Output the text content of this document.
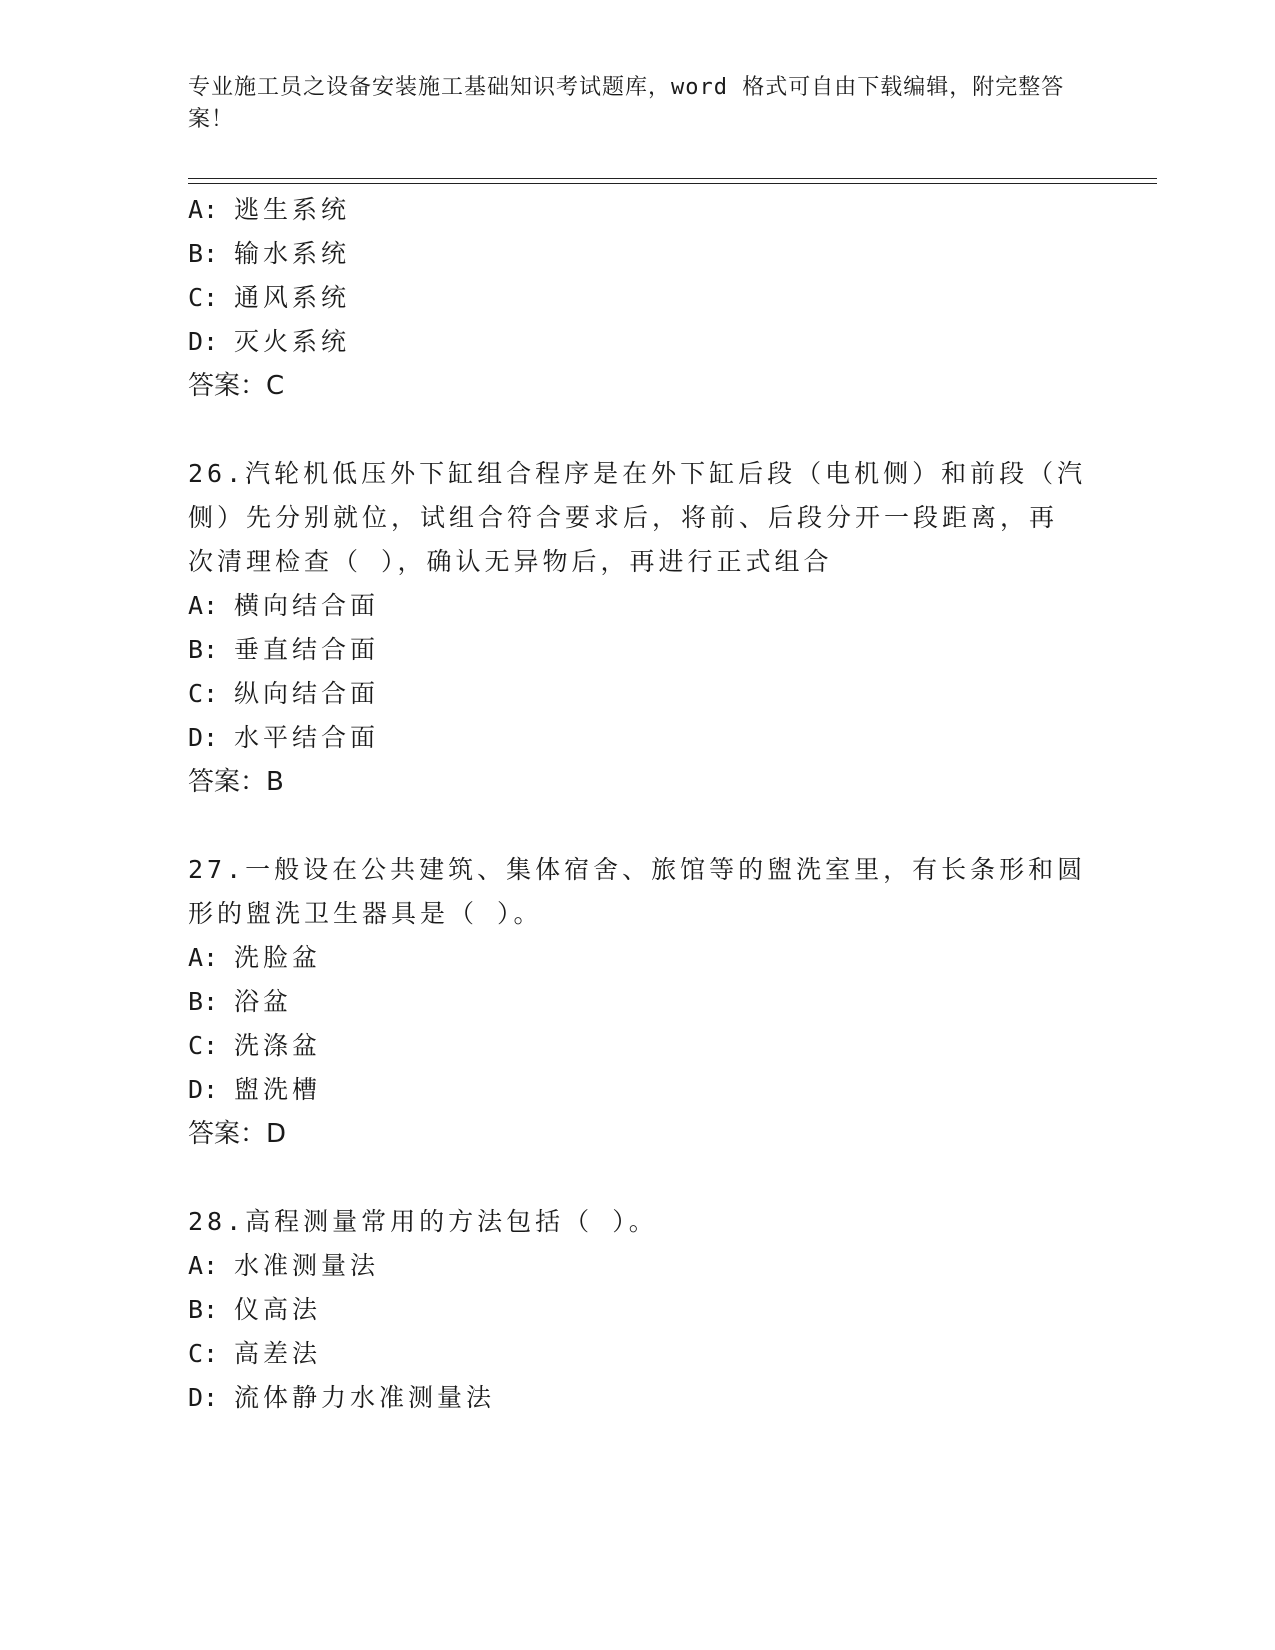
专业施工员之设备安装施工基础知识考试题库，word 格式可自由下载编辑，附完整答案！
A: 逃生系统
B: 输水系统
C: 通风系统
D: 灭火系统
答案：C
26.汽轮机低压外下缸组合程序是在外下缸后段（电机侧）和前段（汽
侧）先分别就位，试组合符合要求后，将前、后段分开一段距离，再
次清理检查（ ），确认无异物后，再进行正式组合
A: 横向结合面
B: 垂直结合面
C: 纵向结合面
D: 水平结合面
答案：B
27.一般设在公共建筑、集体宿舍、旅馆等的盥洗室里，有长条形和圆
形的盥洗卫生器具是（ ）。
A: 洗脸盆
B: 浴盆
C: 洗涤盆
D: 盥洗槽
答案：D
28.高程测量常用的方法包括（ ）。
A: 水准测量法
B: 仪高法
C: 高差法
D: 流体静力水准测量法
